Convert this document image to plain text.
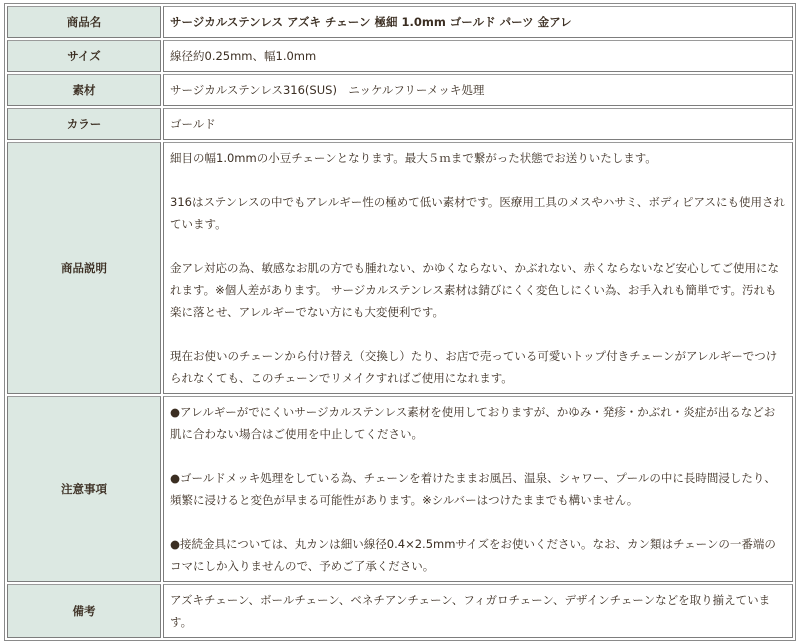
商品名	サージカルステンレス アズキ チェーン 極細 1.0mm ゴールド パーツ 金アレ
サイズ	線径約0.25mm、幅1.0mm
素材	サージカルステンレス316(SUS)　ニッケルフリーメッキ処理
カラー	ゴールド
商品説明	細目の幅1.0mmの小豆チェーンとなります。最大５ｍまで繋がった状態でお送りいたします。

316はステンレスの中でもアレルギー性の極めて低い素材です。医療用工具のメスやハサミ、ボディピアスにも使用されています。

金アレ対応の為、敏感なお肌の方でも腫れない、かゆくならない、かぶれない、赤くならないなど安心してご使用になれます。※個人差があります。 サージカルステンレス素材は錆びにくく変色しにくい為、お手入れも簡単です。汚れも楽に落とせ、アレルギーでない方にも大変便利です。

現在お使いのチェーンから付け替え（交換し）たり、お店で売っている可愛いトップ付きチェーンがアレルギーでつけられなくても、このチェーンでリメイクすればご使用になれます。

注意事項	●アレルギーがでにくいサージカルステンレス素材を使用しておりますが、かゆみ・発疹・かぶれ・炎症が出るなどお肌に合わない場合はご使用を中止してください。

●ゴールドメッキ処理をしている為、チェーンを着けたままお風呂、温泉、シャワー、プールの中に長時間浸したり、頻繁に浸けると変色が早まる可能性があります。※シルバーはつけたままでも構いません。

●接続金具については、丸カンは細い線径0.4×2.5mmサイズをお使いください。なお、カン類はチェーンの一番端のコマにしか入りませんので、予めご了承ください。

備考	アズキチェーン、ボールチェーン、ベネチアンチェーン、フィガロチェーン、デザインチェーンなどを取り揃えています。
